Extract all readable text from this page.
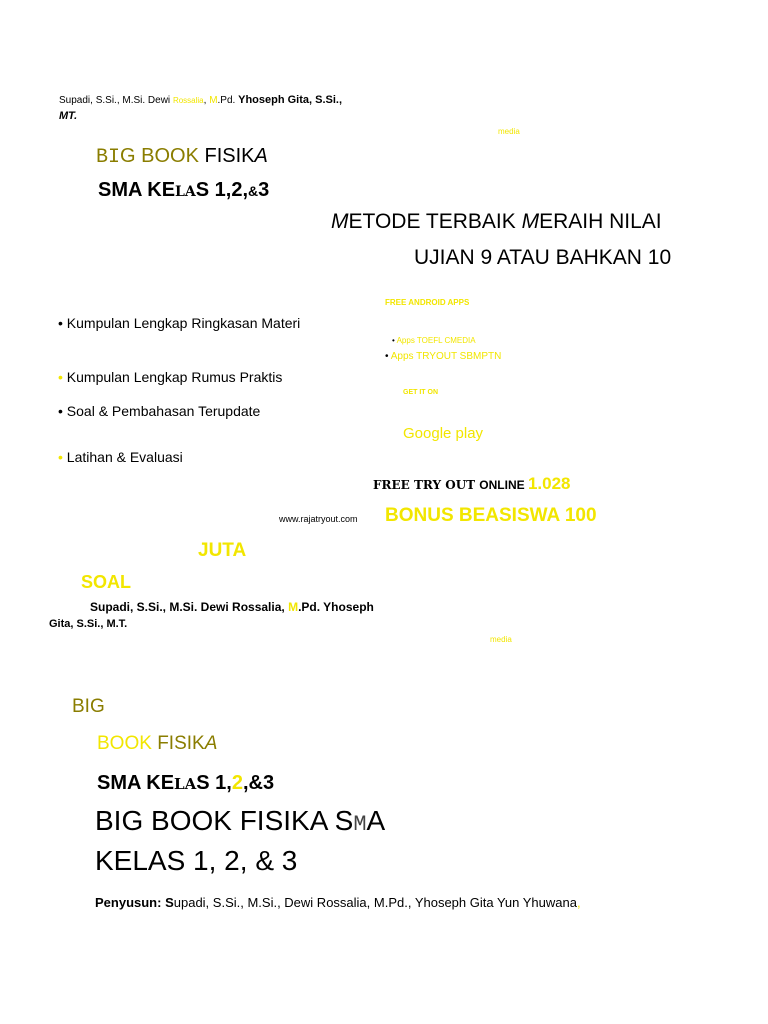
Supadi, S.Si., M.Si. Dewi Rossalia, M.Pd. Yhoseph Gita, S.Si.,
MT.
media
BIG BOOK FISIKA
SMA KELAS 1,2,&3
METODE TERBAIK MERAIH NILAI
UJIAN 9 ATAU BAHKAN 10
FREE ANDROID APPS
• Kumpulan Lengkap Ringkasan Materi
• Apps TOEFL CMEDIA
• Apps TRYOUT SBMPTN
• Kumpulan Lengkap Rumus Praktis
GET IT ON
• Soal & Pembahasan Terupdate
Google play
• Latihan & Evaluasi
FREE TRY OUT ONLINE 1.028
www.rajatryout.com BONUS BEASISWA 100
JUTA
SOAL
Supadi, S.Si., M.Si. Dewi Rossalia, M.Pd. Yhoseph
Gita, S.Si., M.T.
media
BIG
BOOK FISIKA
SMA KELAS 1,2,&3
BIG BOOK FISIKA SMA
KELAS 1, 2, & 3
Penyusun: Supadi, S.Si., M.Si., Dewi Rossalia, M.Pd., Yhoseph Gita Yun Yhuwana,
